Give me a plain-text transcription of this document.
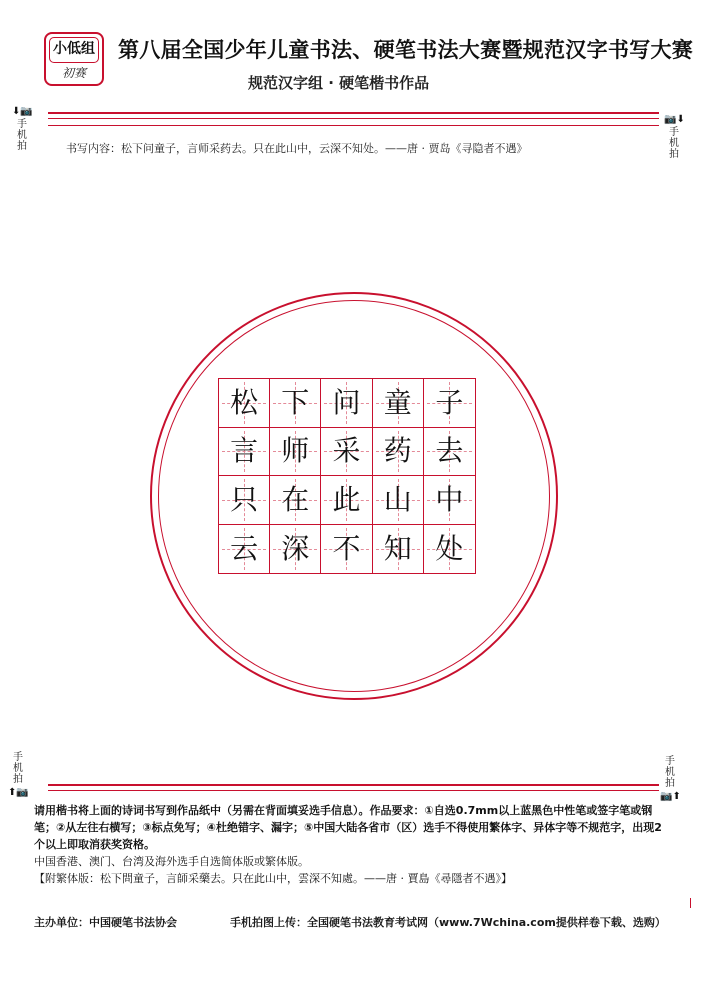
小低组
初赛
第八届全国少年儿童书法、硬笔书法大赛暨规范汉字书写大赛
规范汉字组 · 硬笔楷书作品
⬇📷
手机拍
📷⬇
手机拍
书写内容：松下问童子，言师采药去。只在此山中，云深不知处。——唐 · 贾岛《寻隐者不遇》
松 下 问 童 子
言 师 采 药 去
只 在 此 山 中
云 深 不 知 处
手机拍
⬆📷
手机拍
📷⬆

请用楷书将上面的诗词书写到作品纸中（另需在背面填妥选手信息）。作品要求：①自选0.7mm以上蓝黑色中性笔或签字笔或钢笔；②从左往右横写；③标点免写；④杜绝错字、漏字；⑤中国大陆各省市（区）选手不得使用繁体字、异体字等不规范字，出现2个以上即取消获奖资格。

中国香港、澳门、台湾及海外选手自选简体版或繁体版。

【附繁体版：松下問童子，言師采藥去。只在此山中，雲深不知處。——唐 · 賈島《尋隱者不遇》】

主办单位：中国硬笔书法协会	手机拍图上传：全国硬笔书法教育考试网（www.7Wchina.com提供样卷下载、选购）
